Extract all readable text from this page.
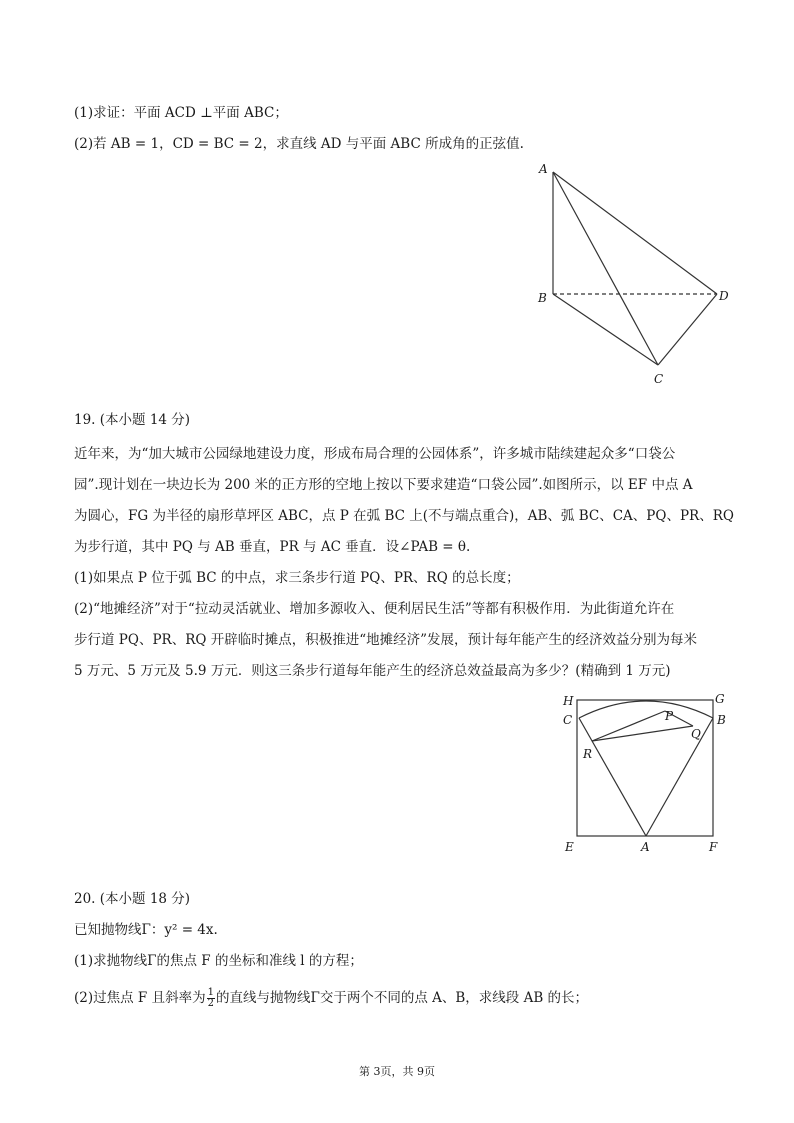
(1)求证：平面 ACD ⊥平面 ABC；
(2)若 AB = 1，CD = BC = 2，求直线 AD 与平面 ABC 所成角的正弦值.
A
B	D
C
19. (本小题 14 分)
近年来，为“加大城市公园绿地建设力度，形成布局合理的公园体系”，许多城市陆续建起众多“口袋公
园”.现计划在一块边长为 200 米的正方形的空地上按以下要求建造“口袋公园”.如图所示，以 EF 中点 A
为圆心，FG 为半径的扇形草坪区 ABC，点 P 在弧 BC 上(不与端点重合)，AB、弧 BC、CA、PQ、PR、RQ
为步行道，其中 PQ 与 AB 垂直，PR 与 AC 垂直．设∠PAB = θ.
(1)如果点 P 位于弧 BC 的中点，求三条步行道 PQ、PR、RQ 的总长度；
(2)“地摊经济”对于“拉动灵活就业、增加多源收入、便利居民生活”等都有积极作用．为此街道允许在
步行道 PQ、PR、RQ 开辟临时摊点，积极推进“地摊经济”发展，预计每年能产生的经济效益分别为每米
5 万元、5 万元及 5.9 万元．则这三条步行道每年能产生的经济总效益最高为多少？(精确到 1 万元)
H	G
C	B
P
Q
R
E	A	F
20. (本小题 18 分)
已知抛物线Γ：y² = 4x.
(1)求抛物线Γ的焦点 F 的坐标和准线 l 的方程；
(2)过焦点 F 且斜率为 $\frac{1}{2}$ 的直线与抛物线Γ交于两个不同的点 A、B，求线段 AB 的长；
第 3页，共 9页
